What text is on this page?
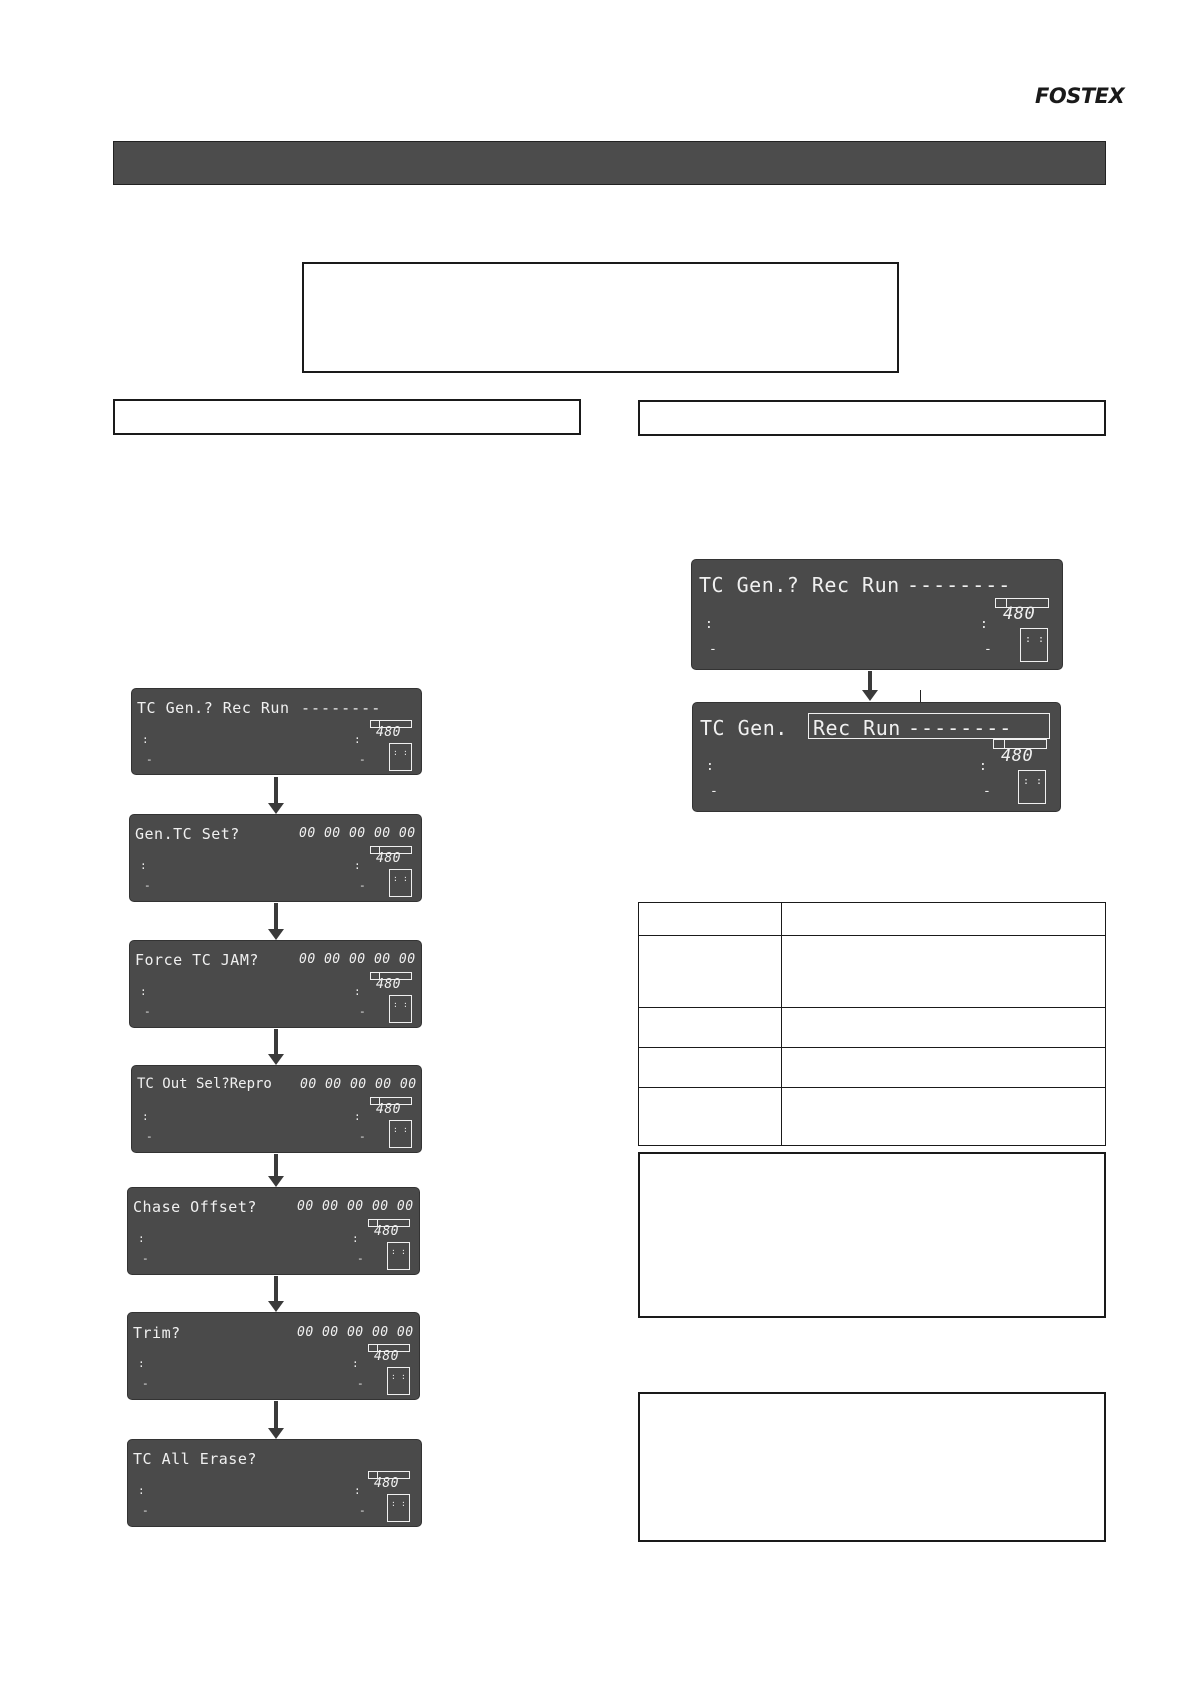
FOSTEX
TC Gen.? Rec Run --------
:	:
-	-
480
: :
Gen.TC Set?	00 00 00 00 00
:	:
-	-
480
: :
Force TC JAM?	00 00 00 00 00
:	:
-	-
480
: :
TC Out Sel?Repro 00 00 00 00 00
:	:
-	-
480
: :
Chase Offset?	00 00 00 00 00
:	:
-	-
480
: :
Trim?	00 00 00 00 00
:	:
-	-
480
: :
TC All Erase?
:	:
-	-
480
: :
TC Gen.? Rec Run --------
:	:
-	-
480
: :
TC Gen. Rec Run --------
:	:
-	-
480
: :
